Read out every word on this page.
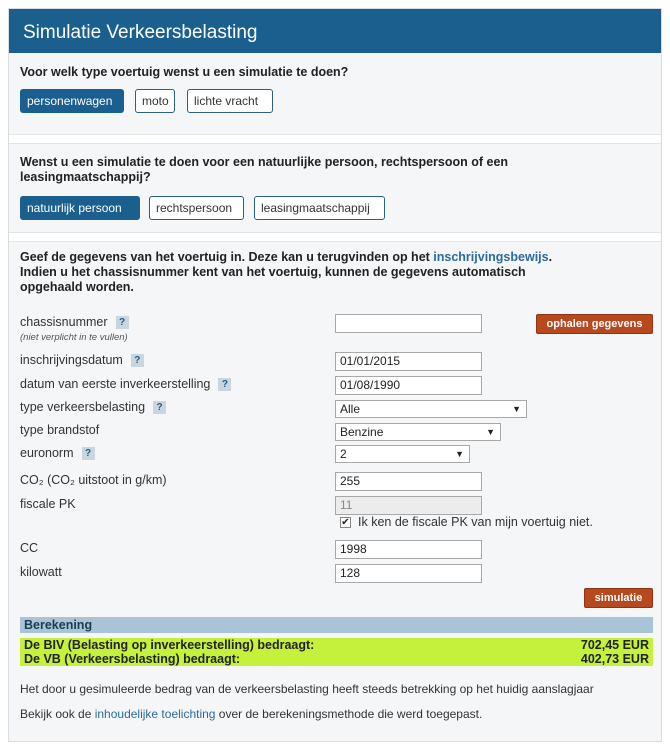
Simulatie Verkeersbelasting
Voor welk type voertuig wenst u een simulatie te doen?
personenwagen	moto	lichte vracht
Wenst u een simulatie te doen voor een natuurlijke persoon, rechtspersoon of een
leasingmaatschappij?
natuurlijk persoon	rechtspersoon	leasingmaatschappij
Geef de gegevens van het voertuig in. Deze kan u terugvinden op het inschrijvingsbewijs.
Indien u het chassisnummer kent van het voertuig, kunnen de gegevens automatisch
opgehaald worden.
chassisnummer ?
(niet verplicht in te vullen)
ophalen gegevens
inschrijvingsdatum ?	01/01/2015
datum van eerste inverkeerstelling ?	01/08/1990
type verkeersbelasting ?	Alle	▼
type brandstof	Benzine	▼
euronorm ?	2	▼
CO₂ (CO₂ uitstoot in g/km)	255
fiscale PK	11
✔ Ik ken de fiscale PK van mijn voertuig niet.
CC	1998
kilowatt	128
simulatie
Berekening
De BIV (Belasting op inverkeerstelling) bedraagt:	702,45 EUR
De VB (Verkeersbelasting) bedraagt:	402,73 EUR
Het door u gesimuleerde bedrag van de verkeersbelasting heeft steeds betrekking op het huidig aanslagjaar
Bekijk ook de inhoudelijke toelichting over de berekeningsmethode die werd toegepast.
